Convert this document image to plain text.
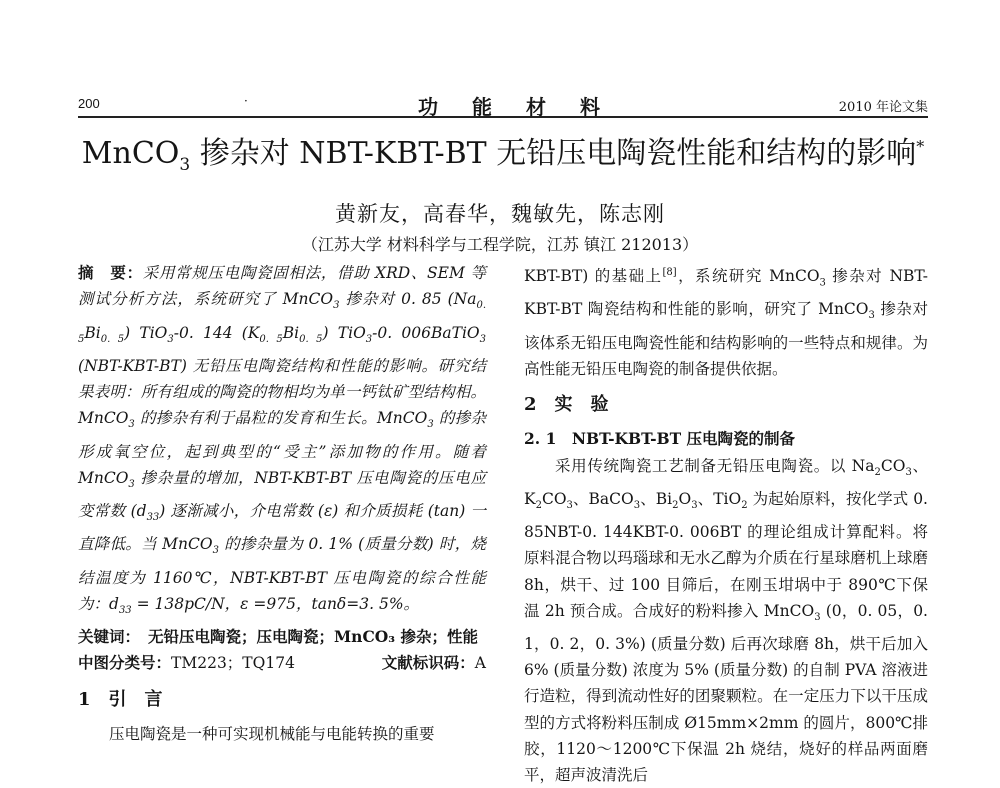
200	·	功能材料	2010 年论文集
MnCO$_3$ 掺杂对 NBT-KBT-BT 无铅压电陶瓷性能和结构的影响*
黄新友，高春华，魏敏先，陈志刚
（江苏大学 材料科学与工程学院，江苏 镇江 212013）

摘　要：采用常规压电陶瓷固相法，借助 XRD、SEM 等测试分析方法，系统研究了 MnCO$_3$ 掺杂对 0. 85 $(Na_{0. 5}Bi_{0. 5})$ TiO$_3$-0. 144 $(K_{0. 5}Bi_{0. 5})$ TiO$_3$-0. 006BaTiO$_3$ (NBT-KBT-BT) 无铅压电陶瓷结构和性能的影响。研究结果表明：所有组成的陶瓷的物相均为单一钙钛矿型结构相。MnCO$_3$ 的掺杂有利于晶粒的发育和生长。MnCO$_3$ 的掺杂形成氧空位，起到典型的“受主”添加物的作用。随着 MnCO$_3$ 掺杂量的增加，NBT-KBT-BT 压电陶瓷的压电应变常数 $(d_{33})$ 逐渐减小，介电常数 (ε) 和介质损耗 (tan) 一直降低。当 MnCO$_3$ 的掺杂量为 0. 1% (质量分数) 时，烧结温度为 1160℃，NBT-KBT-BT 压电陶瓷的综合性能为：$d_{33} = 138pC/N$，ε =975，tanδ=3. 5%。

关键词： 无铅压电陶瓷；压电陶瓷；MnCO₃ 掺杂；性能
中图分类号：TM223；TQ174	文献标识码：A
1　引　言

压电陶瓷是一种可实现机械能与电能转换的重要

KBT-BT) 的基础上[8]，系统研究 MnCO$_3$ 掺杂对 NBT-KBT-BT 陶瓷结构和性能的影响，研究了 MnCO$_3$ 掺杂对该体系无铅压电陶瓷性能和结构影响的一些特点和规律。为高性能无铅压电陶瓷的制备提供依据。

2　实　验
2. 1　NBT-KBT-BT 压电陶瓷的制备

采用传统陶瓷工艺制备无铅压电陶瓷。以 $Na_2CO_3$、$K_2CO_3$、BaCO$_3$、$Bi_2O_3$、TiO$_2$ 为起始原料，按化学式 0. 85NBT-0. 144KBT-0. 006BT 的理论组成计算配料。将原料混合物以玛瑙球和无水乙醇为介质在行星球磨机上球磨 8h，烘干、过 100 目筛后，在刚玉坩埚中于 890℃下保温 2h 预合成。合成好的粉料掺入 MnCO$_3$ (0，0. 05，0. 1，0. 2，0. 3%) (质量分数) 后再次球磨 8h，烘干后加入 6% (质量分数) 浓度为 5% (质量分数) 的自制 PVA 溶液进行造粒，得到流动性好的团聚颗粒。在一定压力下以干压成型的方式将粉料压制成 Ø15mm×2mm 的圆片，800℃排胶，1120～1200℃下保温 2h 烧结，烧好的样品两面磨平，超声波清洗后
